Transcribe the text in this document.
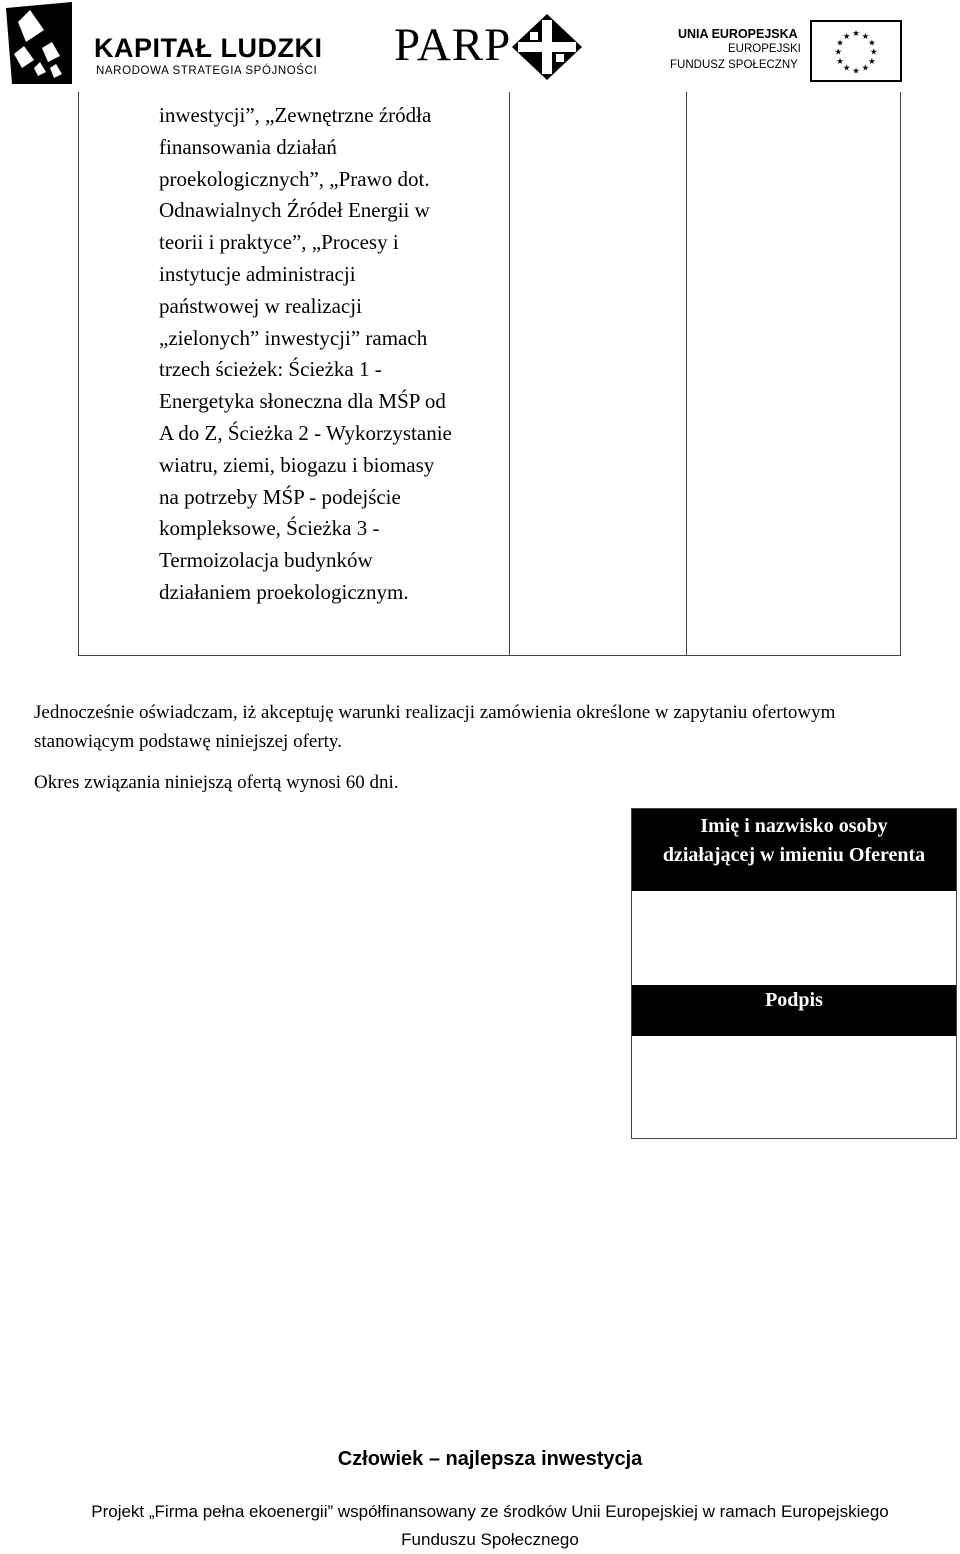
KAPITAŁ LUDZKI
NARODOWA STRATEGIA SPÓJNOŚCI PARP	UNIA EUROPEJSKA
EUROPEJSKI
FUNDUSZ SPOŁECZNY
★ ★
★
★
★
★
★
★
★
★
★
★
inwestycji”, „Zewnętrzne źródła
finansowania działań
proekologicznych”, „Prawo dot.
Odnawialnych Źródeł Energii w
teorii i praktyce”, „Procesy i
instytucje administracji
państwowej w realizacji
„zielonych” inwestycji” ramach
trzech ścieżek: Ścieżka 1 -
Energetyka słoneczna dla MŚP od
A do Z, Ścieżka 2 - Wykorzystanie
wiatru, ziemi, biogazu i biomasy
na potrzeby MŚP - podejście
kompleksowe, Ścieżka 3 -
Termoizolacja budynków
działaniem proekologicznym.
Jednocześnie oświadczam, iż akceptuję warunki realizacji zamówienia określone w zapytaniu ofertowym stanowiącym podstawę niniejszej oferty.
Okres związania niniejszą ofertą wynosi 60 dni.
Imię i nazwisko osoby
działającej w imieniu Oferenta
Podpis
Człowiek – najlepsza inwestycja
Projekt „Firma pełna ekoenergii” współfinansowany ze środków Unii Europejskiej w ramach Europejskiego
Funduszu Społecznego
